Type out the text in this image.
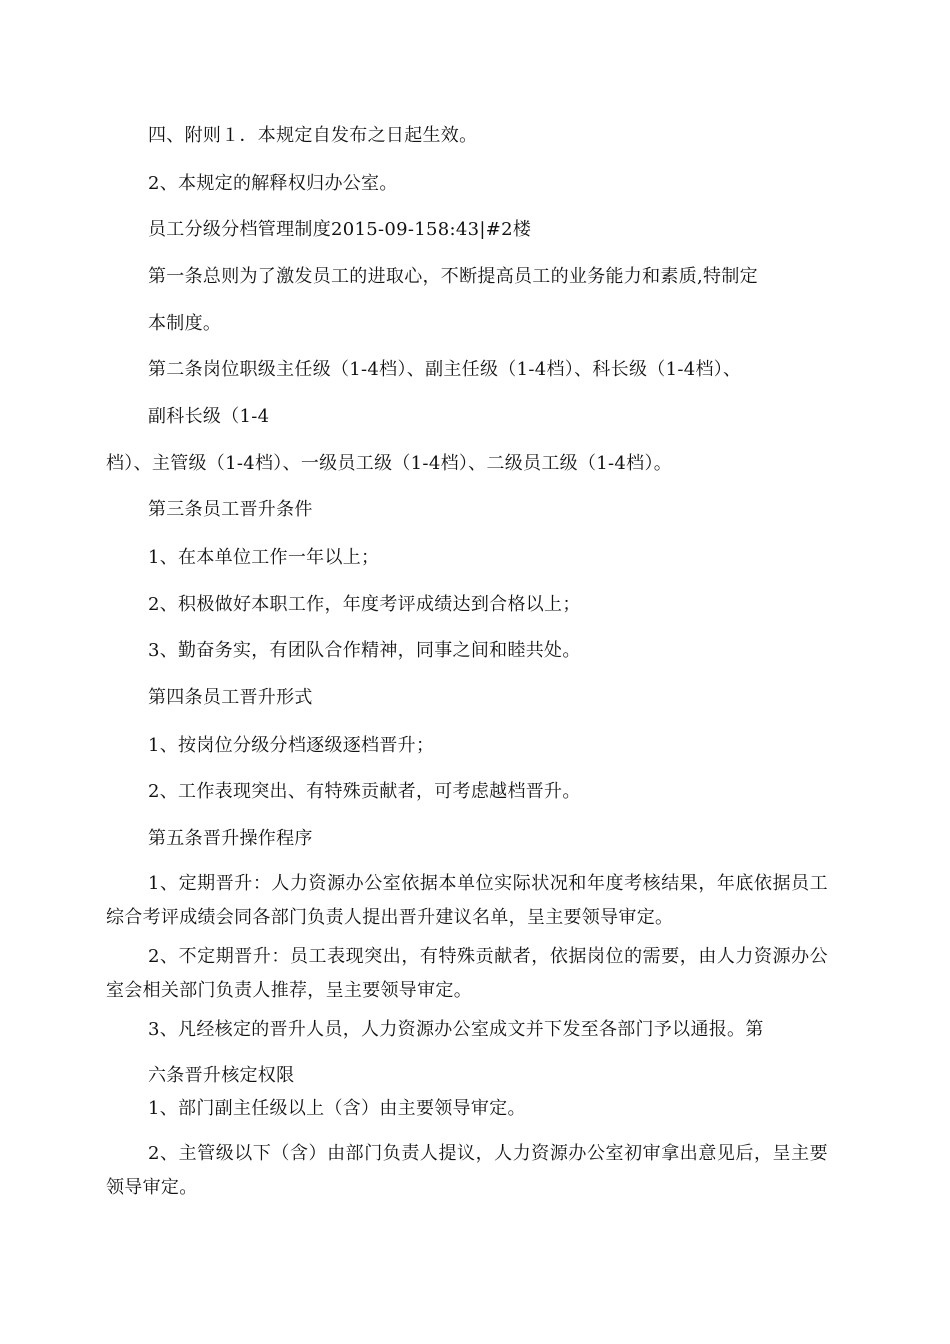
四、附则１．本规定自发布之日起生效。

2、本规定的解释权归办公室。

员工分级分档管理制度2015-09-158:43|#2楼

第一条总则为了激发员工的进取心，不断提高员工的业务能力和素质,特制定

本制度。

第二条岗位职级主任级（1-4档）、副主任级（1-4档）、科长级（1-4档）、

副科长级（1-4

档）、主管级（1-4档）、一级员工级（1-4档）、二级员工级（1-4档）。

第三条员工晋升条件

1、在本单位工作一年以上；

2、积极做好本职工作，年度考评成绩达到合格以上；

3、勤奋务实，有团队合作精神，同事之间和睦共处。

第四条员工晋升形式

1、按岗位分级分档逐级逐档晋升；

2、工作表现突出、有特殊贡献者，可考虑越档晋升。

第五条晋升操作程序

1、定期晋升：人力资源办公室依据本单位实际状况和年度考核结果，年底依据员工综合考评成绩会同各部门负责人提出晋升建议名单，呈主要领导审定。

2、不定期晋升：员工表现突出，有特殊贡献者，依据岗位的需要，由人力资源办公室会相关部门负责人推荐，呈主要领导审定。

3、凡经核定的晋升人员，人力资源办公室成文并下发至各部门予以通报。第

六条晋升核定权限

1、部门副主任级以上（含）由主要领导审定。

2、主管级以下（含）由部门负责人提议，人力资源办公室初审拿出意见后，呈主要领导审定。
